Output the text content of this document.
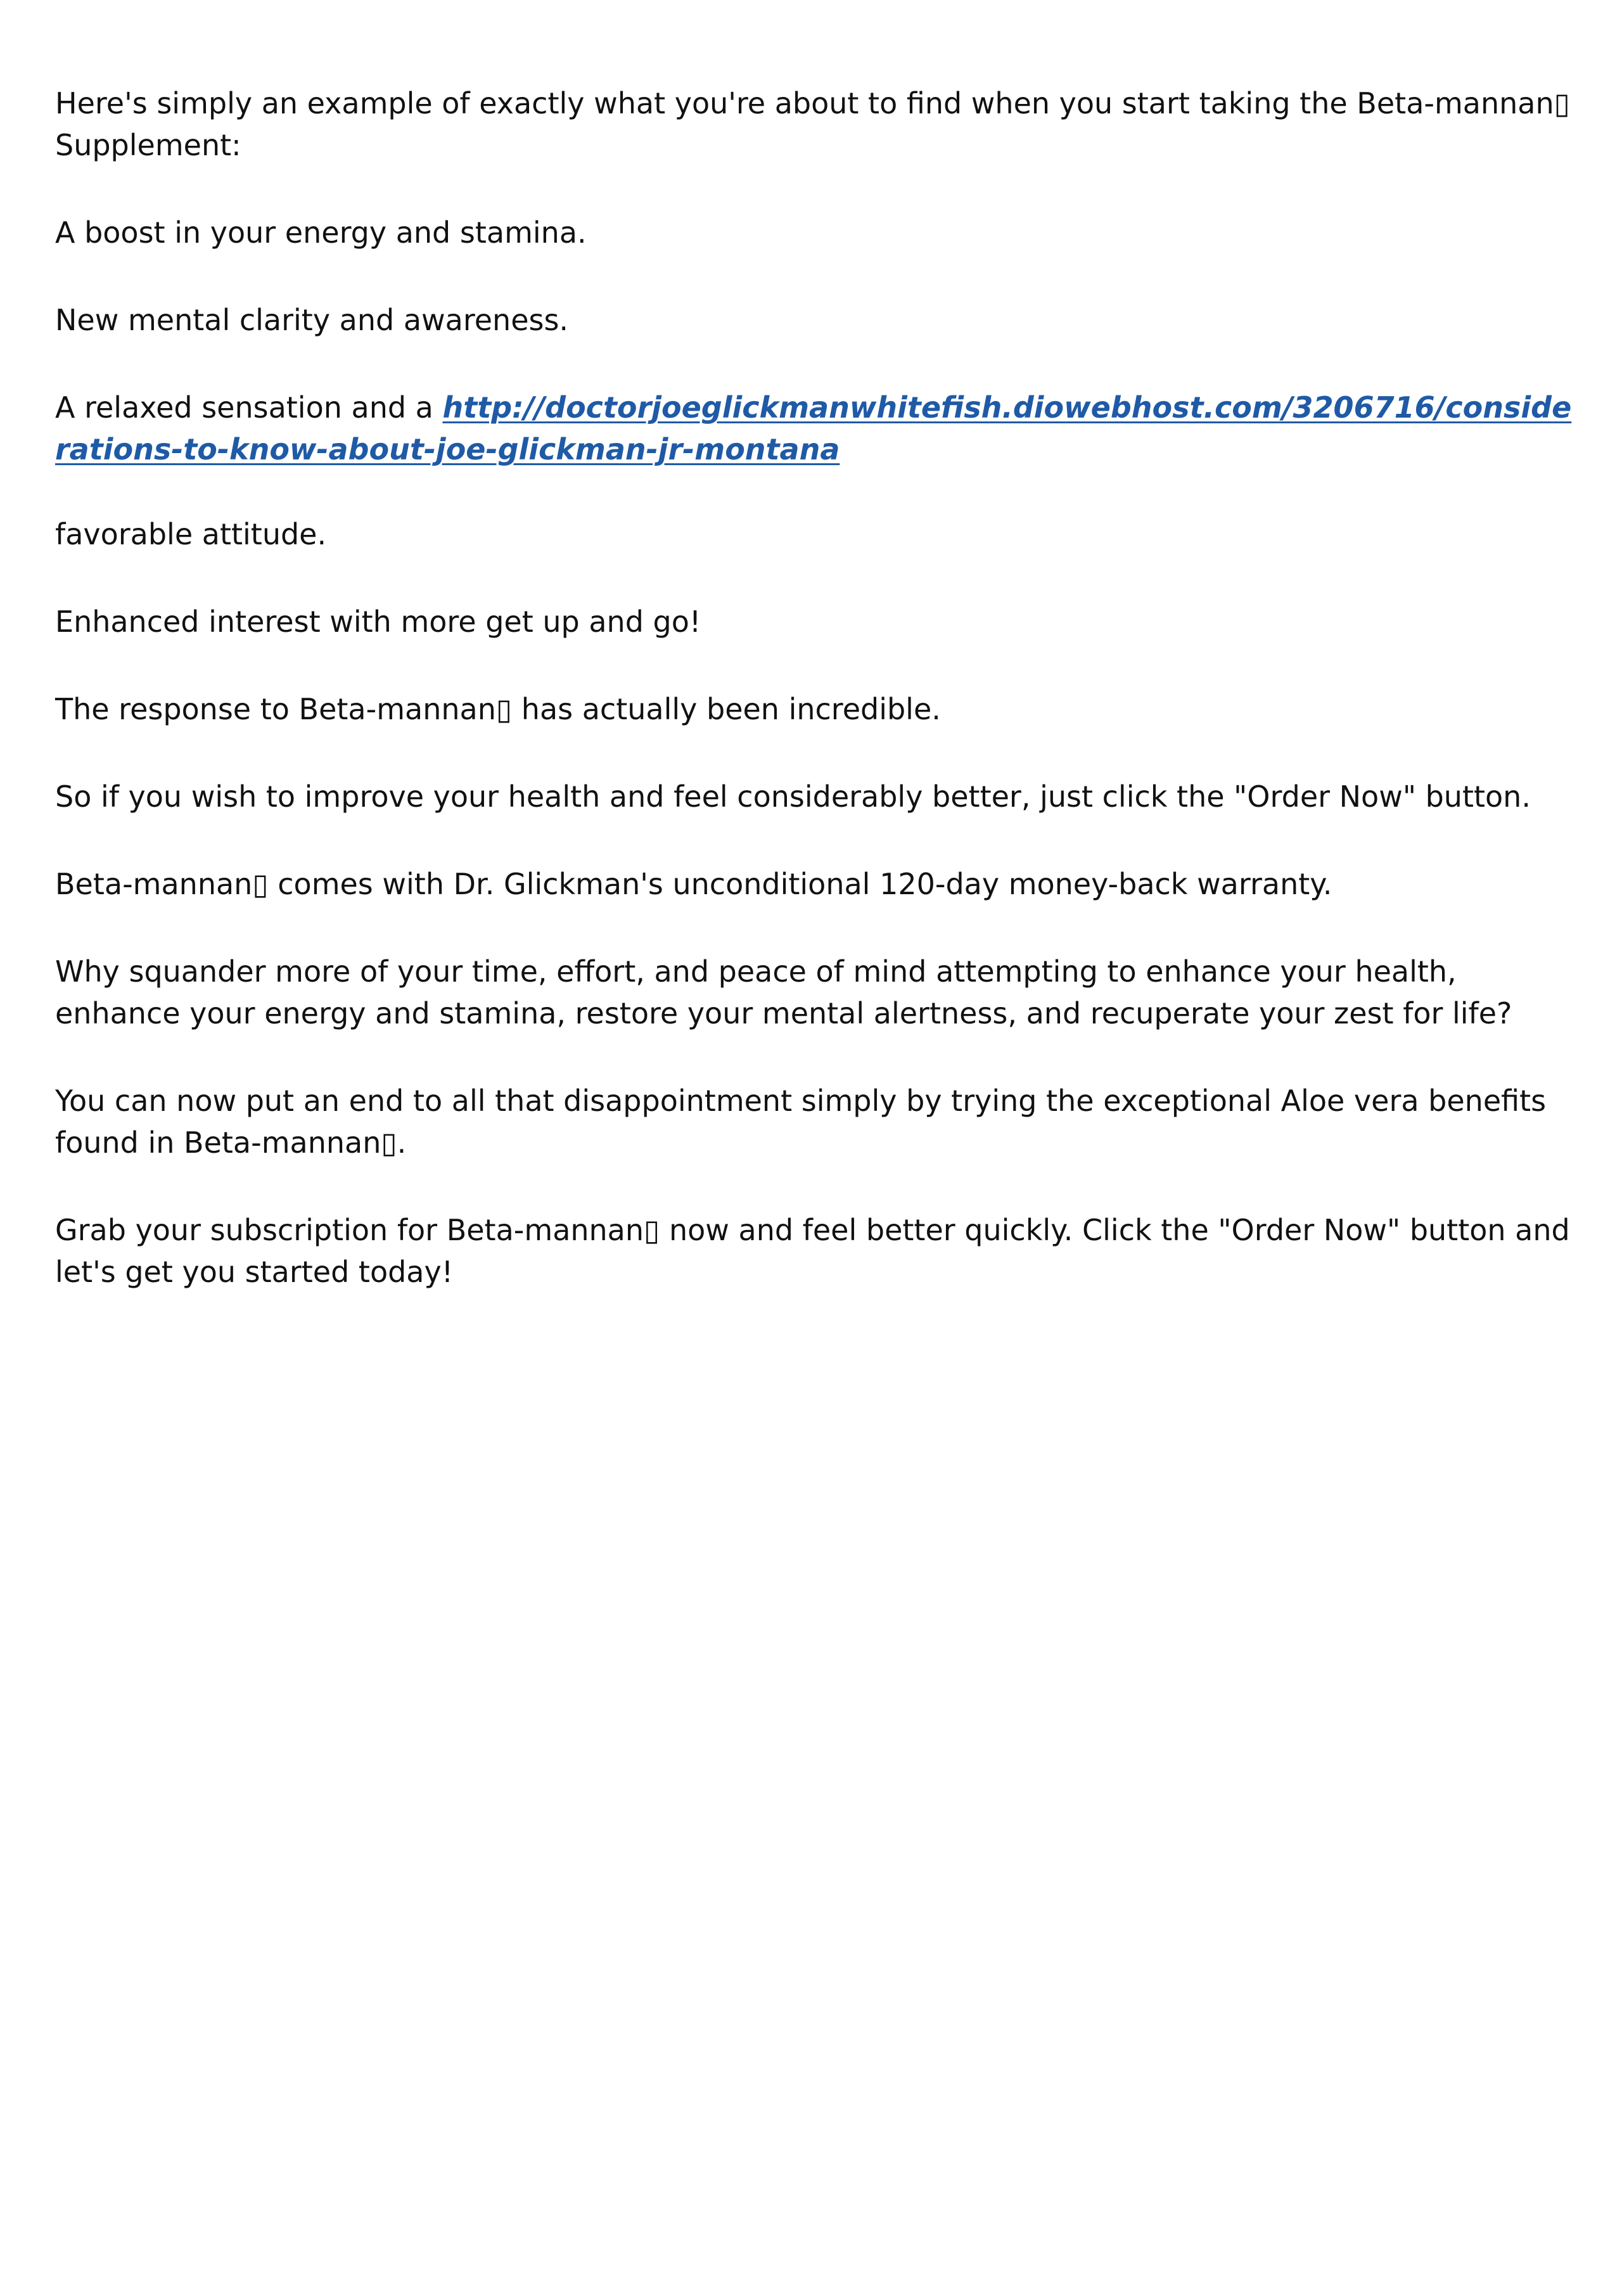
Here's simply an example of exactly what you're about to find when you start taking the Beta-mannan▯ Supplement:

A boost in your energy and stamina.

New mental clarity and awareness.

A relaxed sensation and a http://doctorjoeglickmanwhitefish.diowebhost.com/3206716/considerations-to-know-about-joe-glickman-jr-montana

favorable attitude.

Enhanced interest with more get up and go!

The response to Beta-mannan▯ has actually been incredible.

So if you wish to improve your health and feel considerably better, just click the "Order Now" button.

Beta-mannan▯ comes with Dr. Glickman's unconditional 120-day money-back warranty.

Why squander more of your time, effort, and peace of mind attempting to enhance your health, enhance your energy and stamina, restore your mental alertness, and recuperate your zest for life?

You can now put an end to all that disappointment simply by trying the exceptional Aloe vera benefits found in Beta-mannan▯.

Grab your subscription for Beta-mannan▯ now and feel better quickly. Click the "Order Now" button and let's get you started today!
